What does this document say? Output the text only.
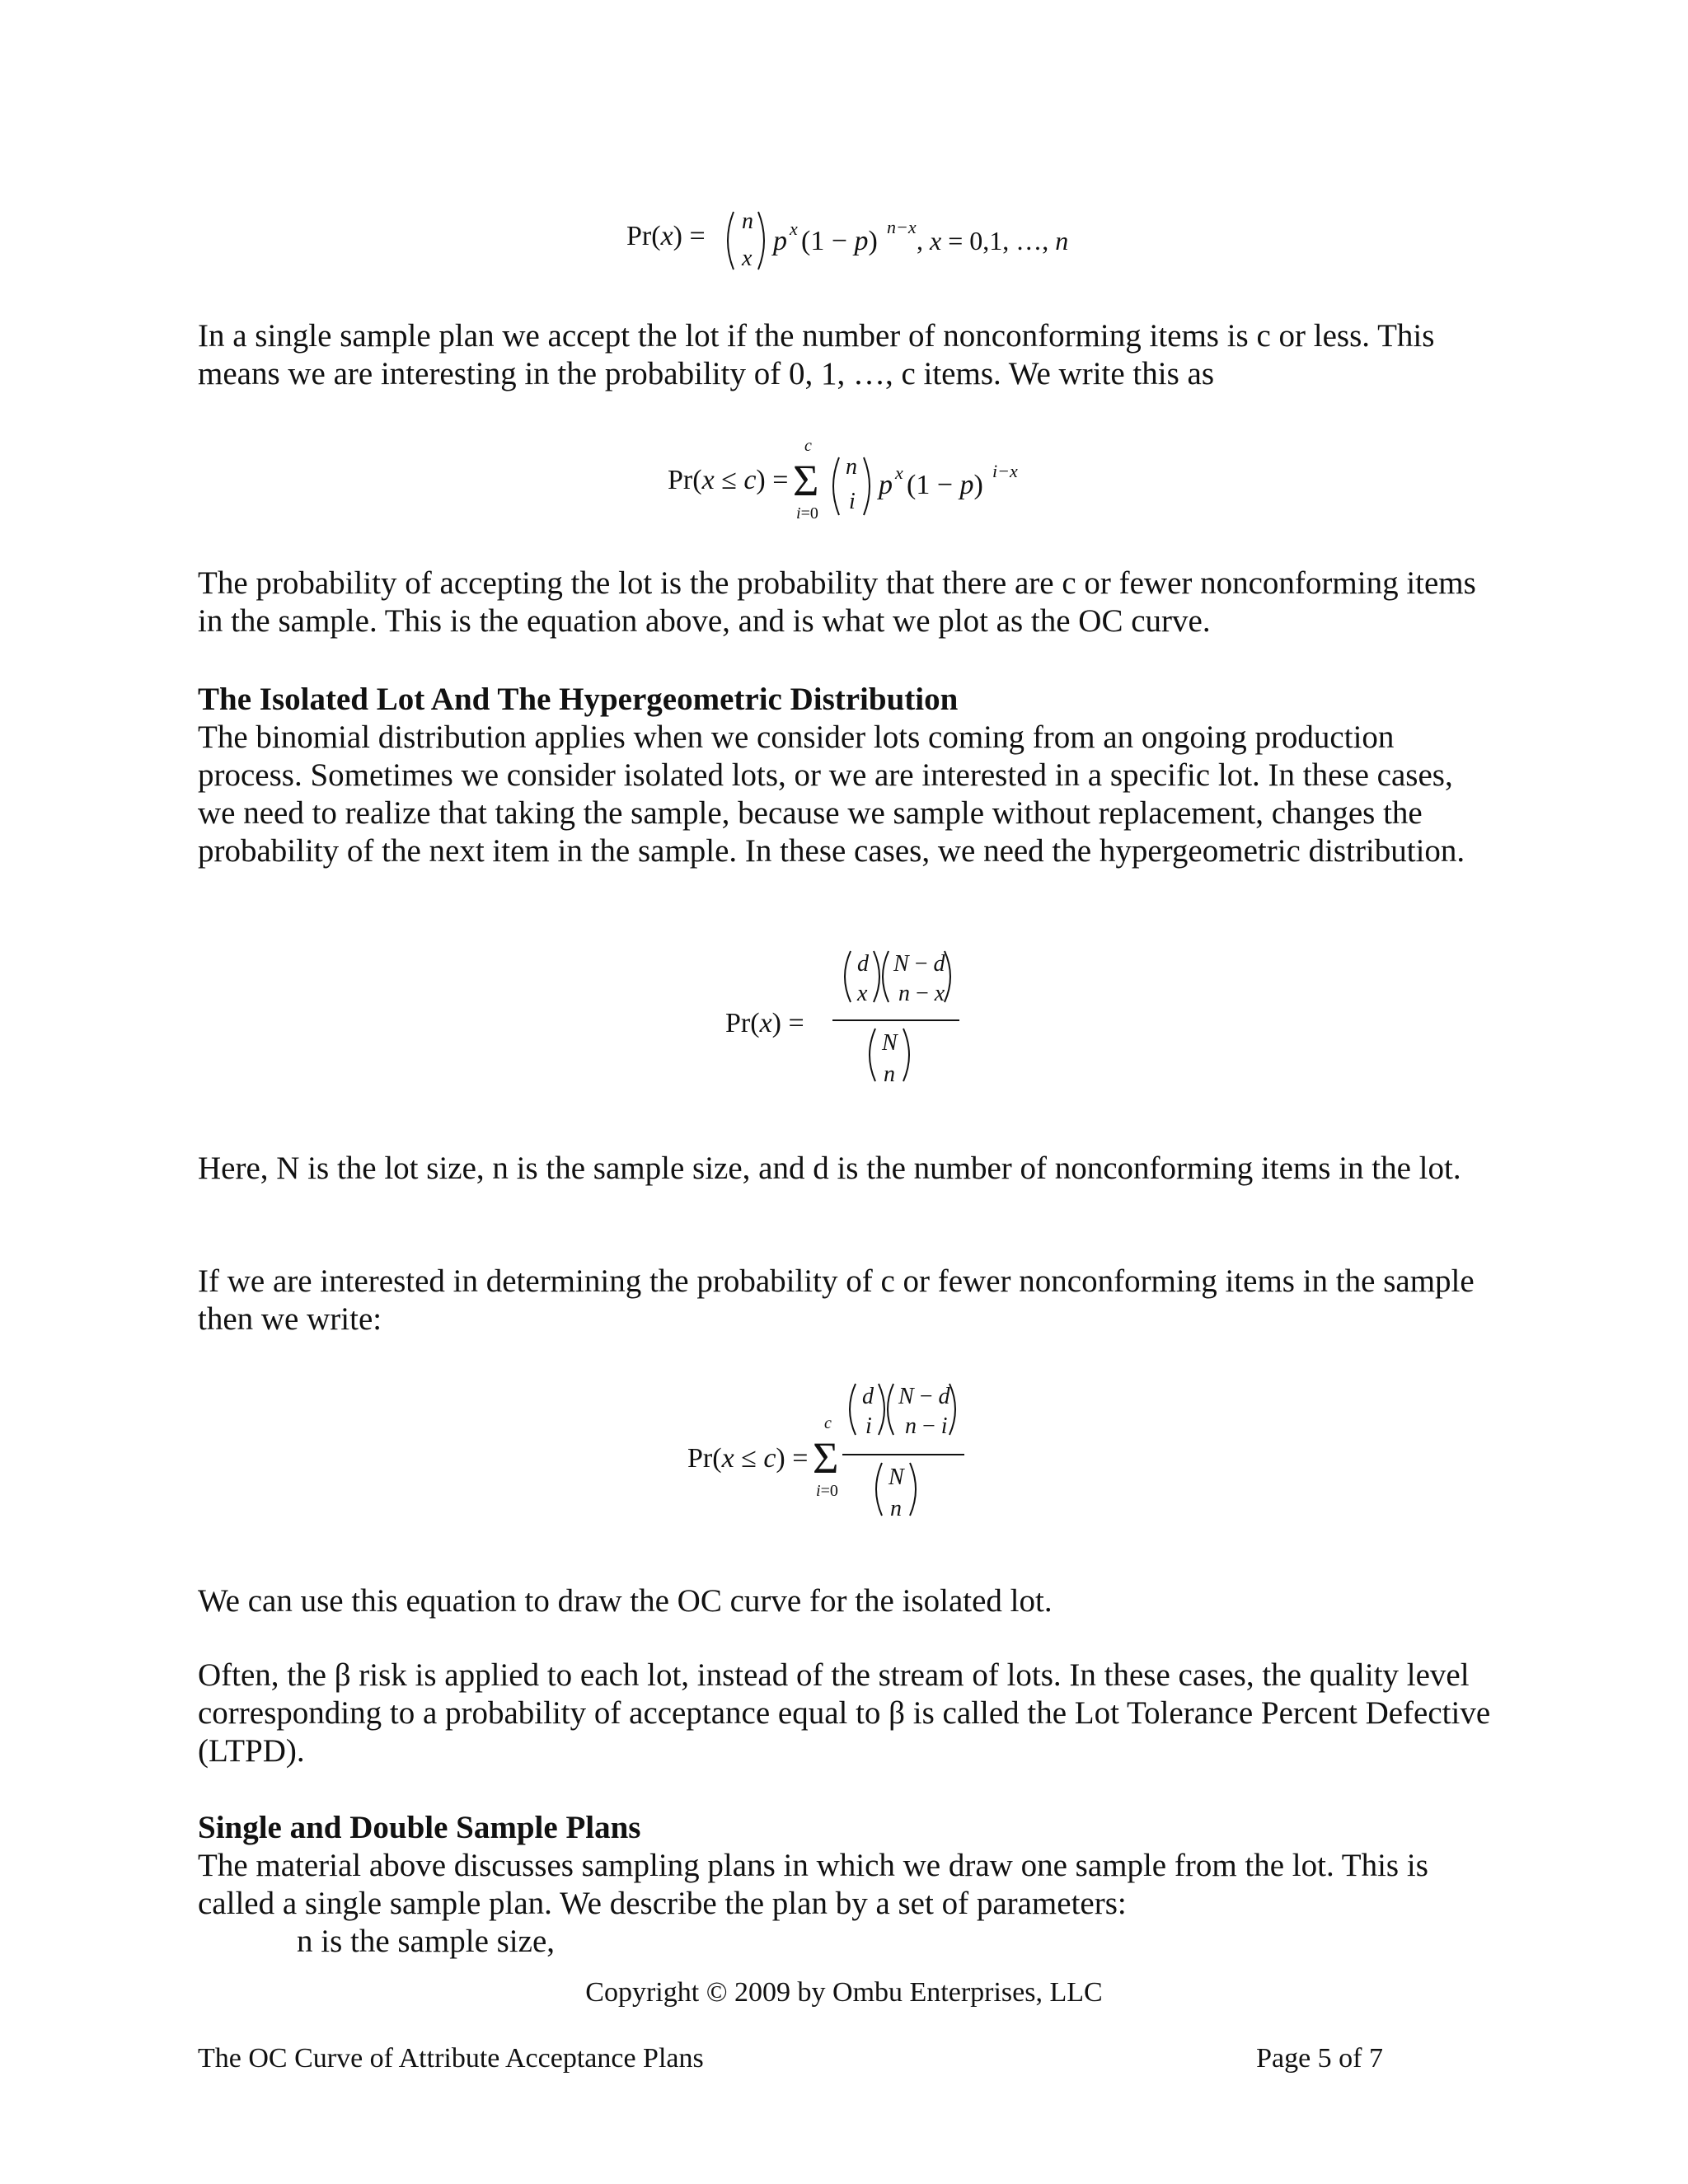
Pr(x) = n
x
p x (1 − p) n−x , x = 0,1, …, n

In a single sample plan we accept the lot if the number of nonconforming items is c or less. This means we are interesting in the probability of 0, 1, …, c items. We write this as

Pr(x ≤ c) =
c
Σ
i=0
n
i
p x (1 − p) i−x

The probability of accepting the lot is the probability that there are c or fewer nonconforming items in the sample. This is the equation above, and is what we plot as the OC curve.

The Isolated Lot And The Hypergeometric Distribution

The binomial distribution applies when we consider lots coming from an ongoing production process. Sometimes we consider isolated lots, or we are interested in a specific lot. In these cases, we need to realize that taking the sample, because we sample without replacement, changes the probability of the next item in the sample. In these cases, we need the hypergeometric distribution.

Pr(x) =
d
x
N − d
n − x
N
n

Here, N is the lot size, n is the sample size, and d is the number of nonconforming items in the lot.

If we are interested in determining the probability of c or fewer nonconforming items in the sample then we write:

Pr(x ≤ c) =
c
Σ
i=0
d
i
N − d
n − i
N
n

We can use this equation to draw the OC curve for the isolated lot.

Often, the β risk is applied to each lot, instead of the stream of lots. In these cases, the quality level corresponding to a probability of acceptance equal to β is called the Lot Tolerance Percent Defective (LTPD).

Single and Double Sample Plans

The material above discusses sampling plans in which we draw one sample from the lot. This is called a single sample plan. We describe the plan by a set of parameters:

n is the sample size,

Copyright © 2009 by Ombu Enterprises, LLC
The OC Curve of Attribute Acceptance Plans	Page 5 of 7
